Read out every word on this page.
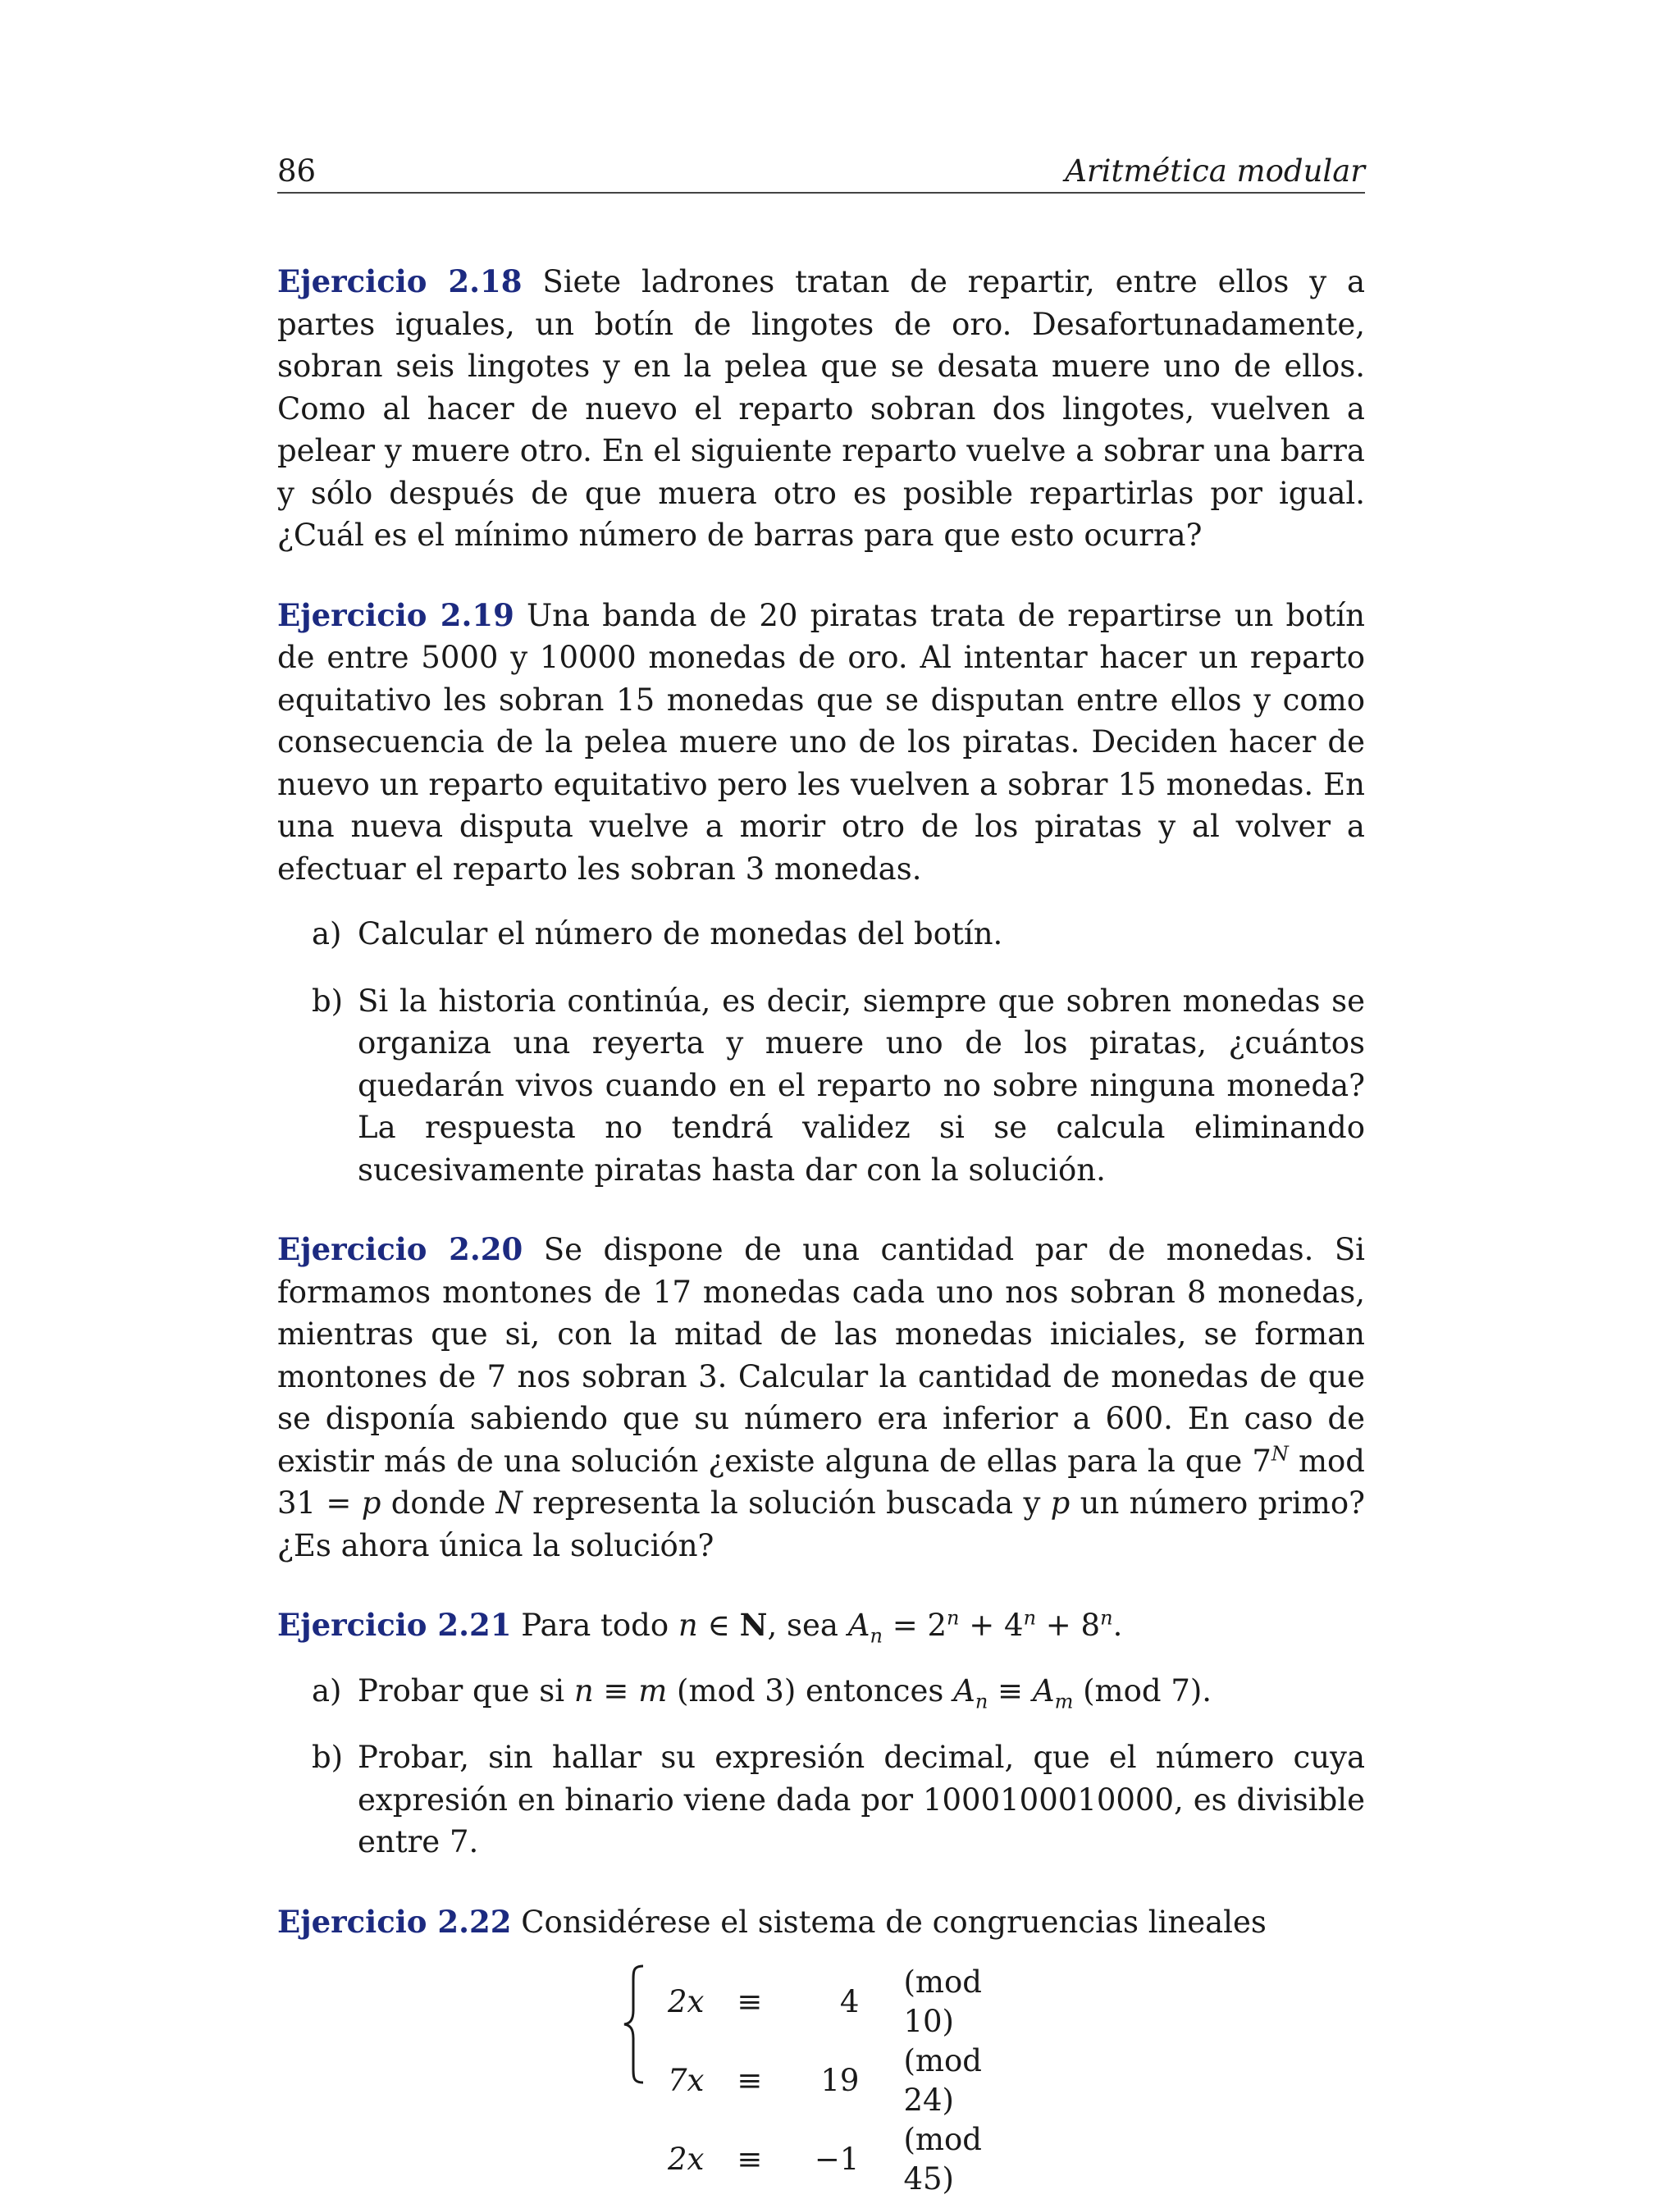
86	Aritmética modular

Ejercicio 2.18 Siete ladrones tratan de repartir, entre ellos y a partes iguales, un botín de lingotes de oro. Desafortunadamente, sobran seis lingotes y en la pelea que se desata muere uno de ellos. Como al hacer de nuevo el reparto sobran dos lingotes, vuelven a pelear y muere otro. En el siguiente reparto vuelve a sobrar una barra y sólo después de que muera otro es posible repartirlas por igual. ¿Cuál es el mínimo número de barras para que esto ocurra?

Ejercicio 2.19 Una banda de 20 piratas trata de repartirse un botín de entre 5000 y 10000 monedas de oro. Al intentar hacer un reparto equitativo les sobran 15 monedas que se disputan entre ellos y como consecuencia de la pelea muere uno de los piratas. Deciden hacer de nuevo un reparto equitativo pero les vuelven a sobrar 15 monedas. En una nueva disputa vuelve a morir otro de los piratas y al volver a efectuar el reparto les sobran 3 monedas.

a) Calcular el número de monedas del botín.
b) Si la historia continúa, es decir, siempre que sobren monedas se organiza una reyerta y muere uno de los piratas, ¿cuántos quedarán vivos cuando en el reparto no sobre ninguna moneda? La respuesta no tendrá validez si se calcula eliminando sucesivamente piratas hasta dar con la solución.

Ejercicio 2.20 Se dispone de una cantidad par de monedas. Si formamos montones de 17 monedas cada uno nos sobran 8 monedas, mientras que si, con la mitad de las monedas iniciales, se forman montones de 7 nos sobran 3. Calcular la cantidad de monedas de que se disponía sabiendo que su número era inferior a 600. En caso de existir más de una solución ¿existe alguna de ellas para la que $7^N$ mod 31 = p donde N representa la solución buscada y p un número primo? ¿Es ahora única la solución?

Ejercicio 2.21 Para todo n ∈ N, sea $A_n = 2^n + 4^n + 8^n$.

a) Probar que si n ≡ m (mod 3) entonces $A_n \equiv A_m$ (mod 7).
b) Probar, sin hallar su expresión decimal, que el número cuya expresión en binario viene dada por 1000100010000, es divisible entre 7.

Ejercicio 2.22 Considérese el sistema de congruencias lineales

2x	≡	4	(mod 10)
7x	≡	19	(mod 24)
2x	≡	−1	(mod 45)
